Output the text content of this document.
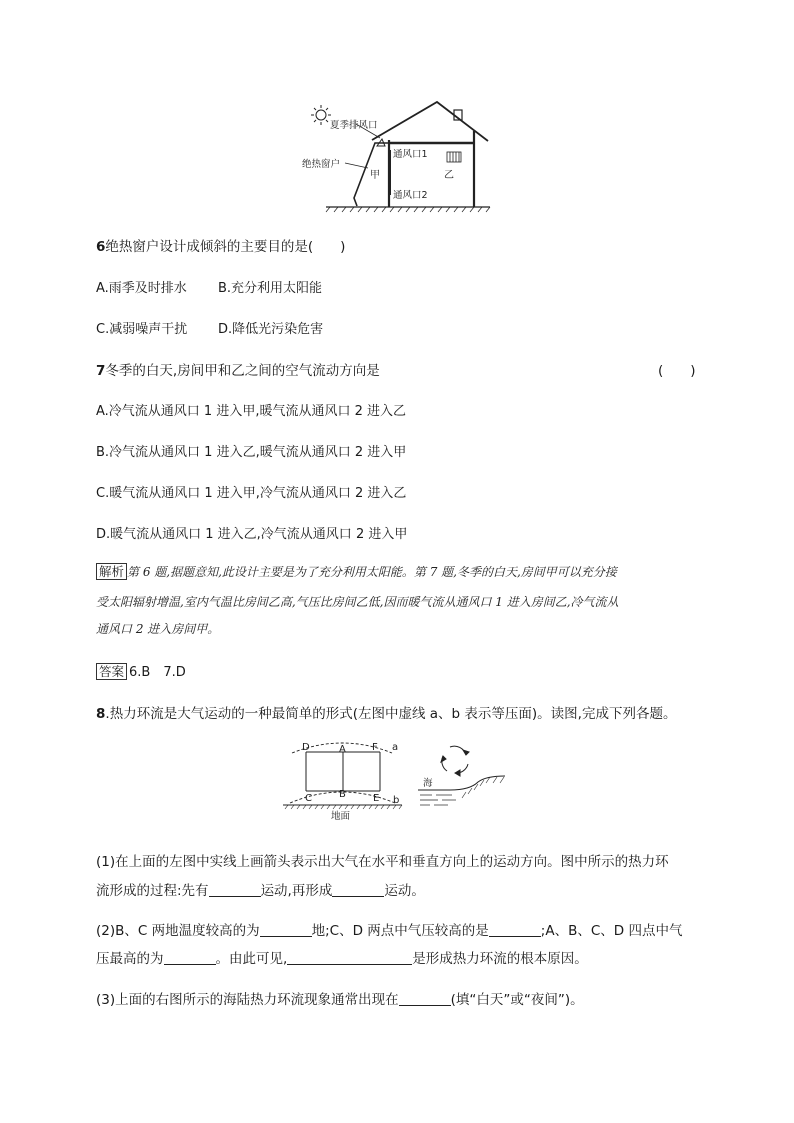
夏季排风口
绝热窗户
通风口1
通风口2
甲	乙
6绝热窗户设计成倾斜的主要目的是(　　)
A.雨季及时排水 B.充分利用太阳能
C.减弱噪声干扰 D.降低光污染危害
7冬季的白天,房间甲和乙之间的空气流动方向是	(　　)
A.冷气流从通风口 1 进入甲,暖气流从通风口 2 进入乙
B.冷气流从通风口 1 进入乙,暖气流从通风口 2 进入甲
C.暖气流从通风口 1 进入甲,冷气流从通风口 2 进入乙
D.暖气流从通风口 1 进入乙,冷气流从通风口 2 进入甲
解析 第 6 题,据题意知,此设计主要是为了充分利用太阳能。第 7 题,冬季的白天,房间甲可以充分接
受太阳辐射增温,室内气温比房间乙高,气压比房间乙低,因而暖气流从通风口 1 进入房间乙,冷气流从
通风口 2 进入房间甲。
答案 6.B　7.D
8.热力环流是大气运动的一种最简单的形式(左图中虚线 a、b 表示等压面)。读图,完成下列各题。
D	A	F a
C	B	E b
地面
海
(1)在上面的左图中实线上画箭头表示出大气在水平和垂直方向上的运动方向。图中所示的热力环
流形成的过程:先有	运动,再形成	运动。
(2)B、C 两地温度较高的为	地;C、D 两点中气压较高的是	;A、B、C、D 四点中气
压最高的为	。由此可见,	是形成热力环流的根本原因。
(3)上面的右图所示的海陆热力环流现象通常出现在	(填“白天”或“夜间”)。
